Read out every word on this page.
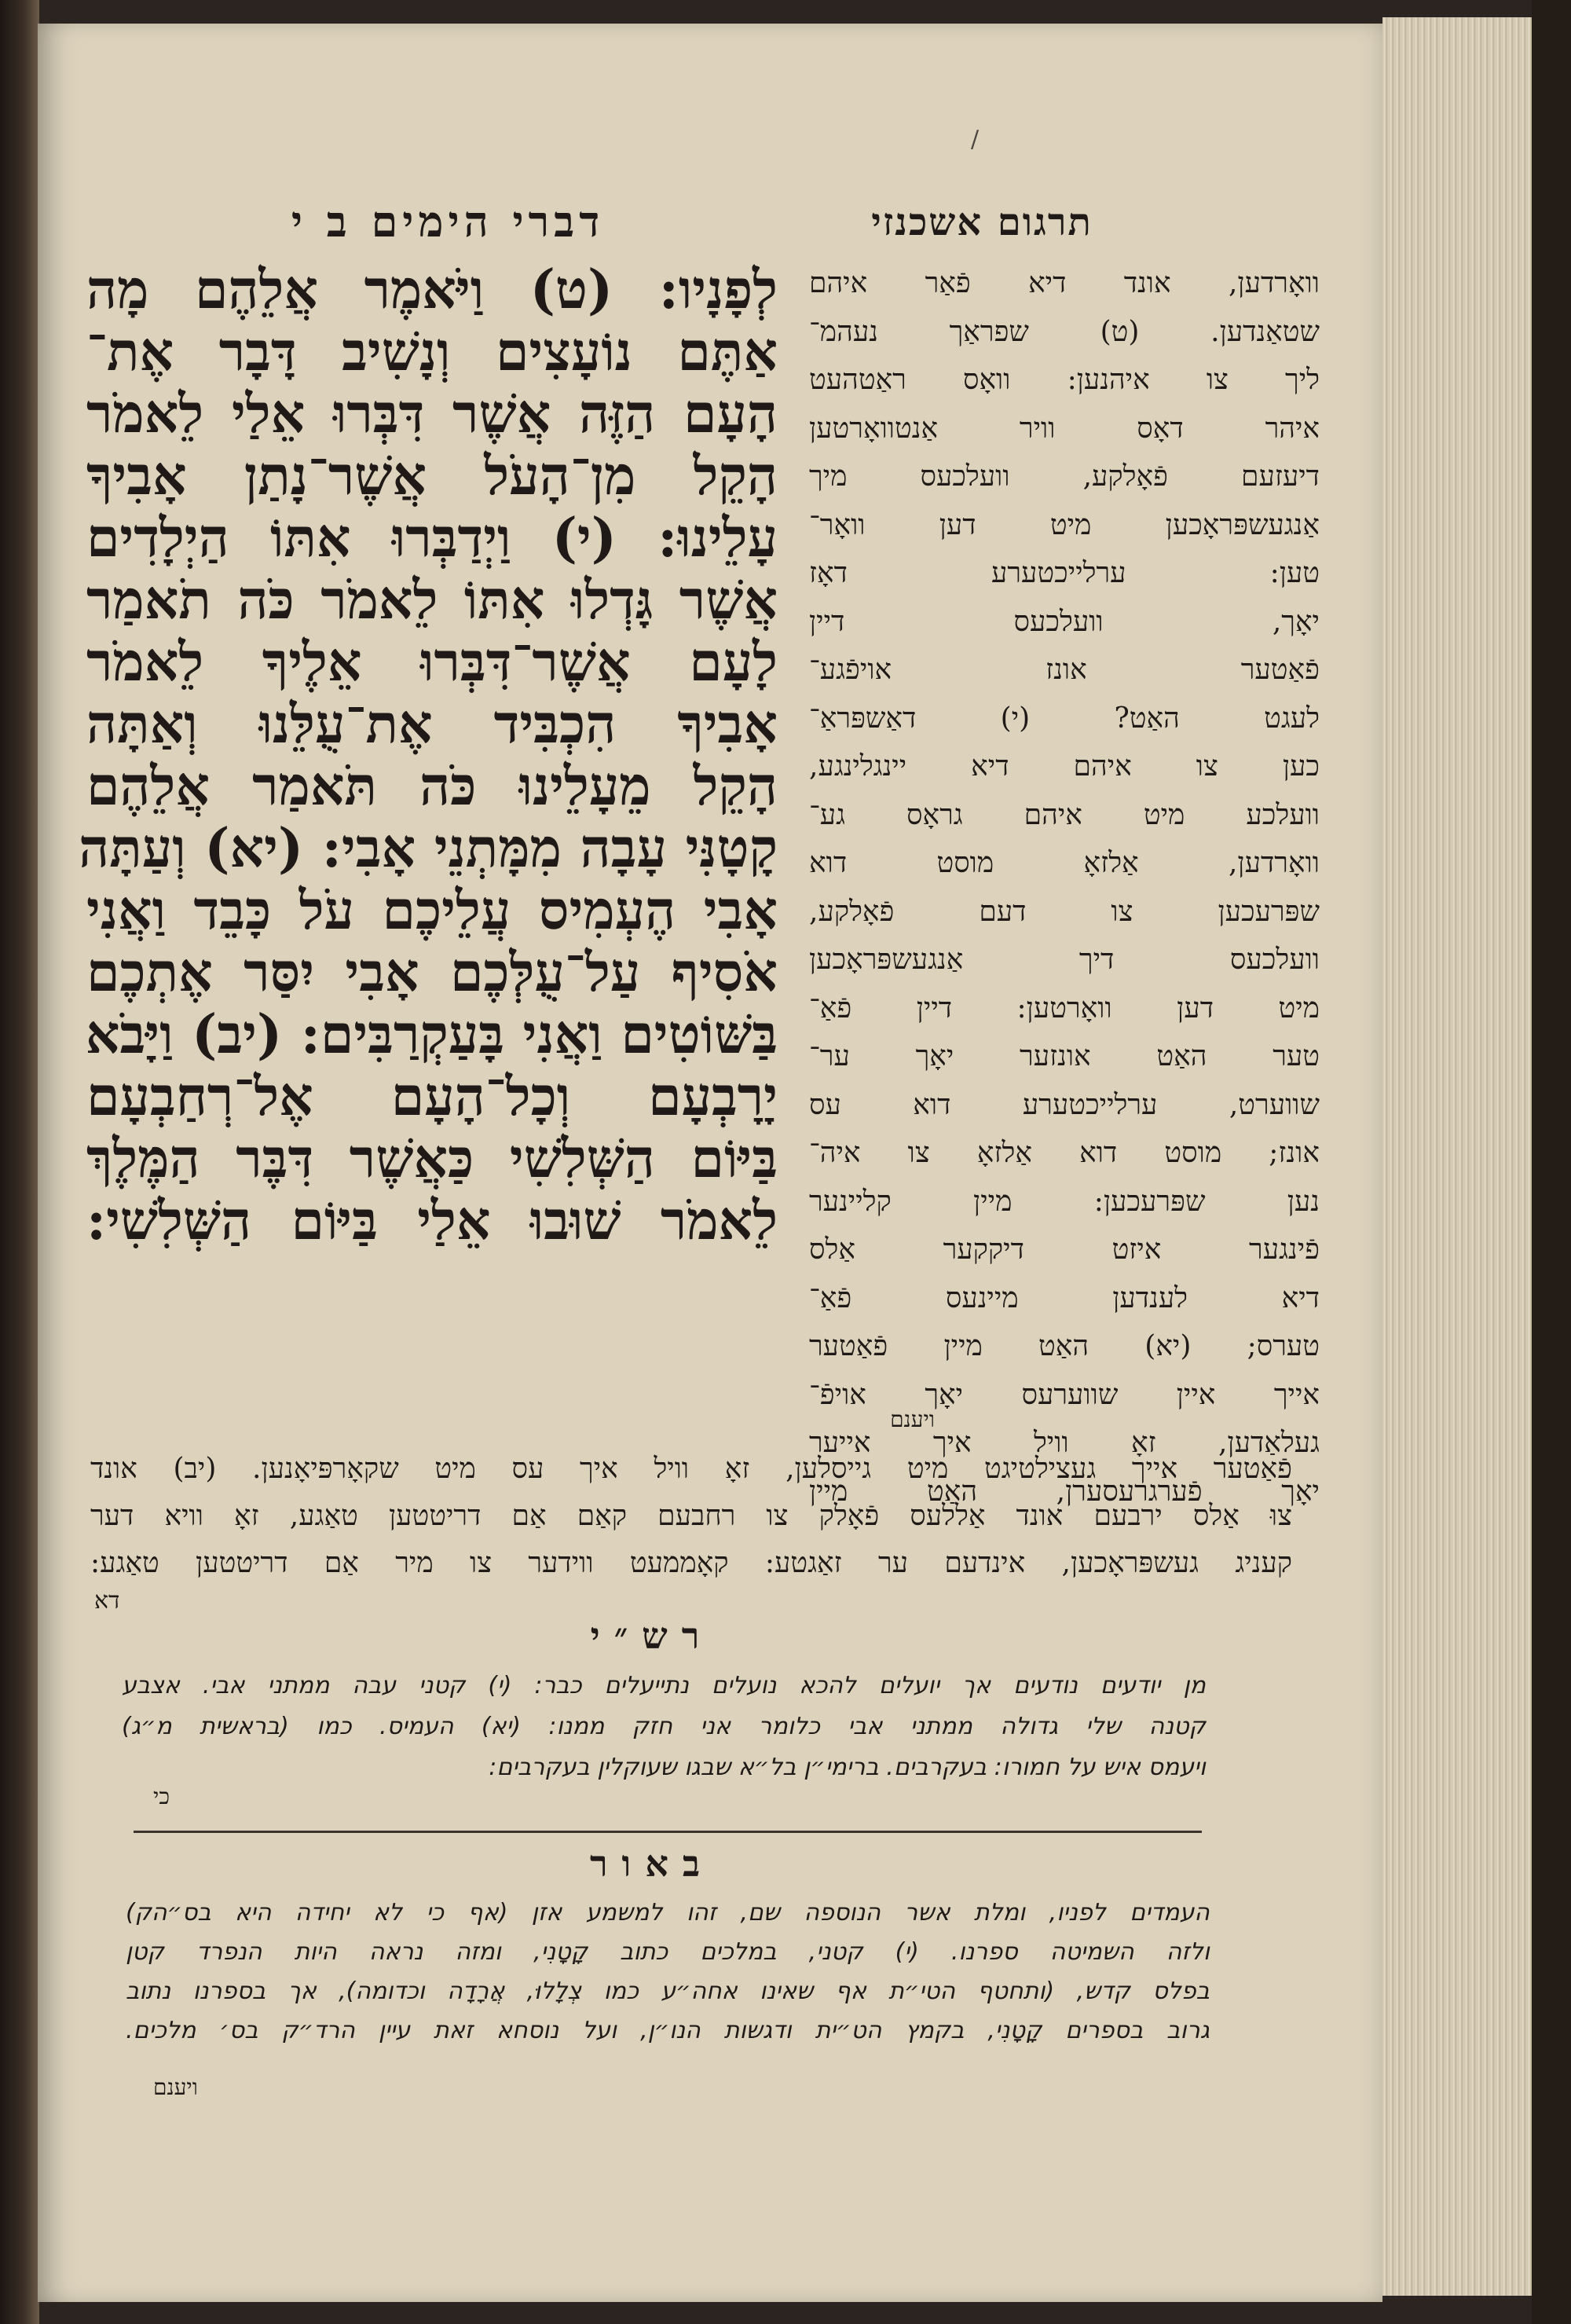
/
דברי הימים ב י	תרגום אשכנזי
לְפָנָיו: (ט) וַיֹּאמֶר אֲלֵהֶם מָה
אַתֶּם נוֹעָצִים וְנָשִׁיב דָּבָר אֶת־
הָעָם הַזֶּה אֲשֶׁר דִּבְּרוּ אֵלַי לֵאמֹר
הָקֵל מִן־הָעֹל אֲשֶׁר־נָתַן אָבִיךָ
עָלֵינוּ: (י) וַיְדַבְּרוּ אִתּוֹ הַיְלָדִים
אֲשֶׁר גָּדְלוּ אִתּוֹ לֵאמֹר כֹּה תֹאמַר
לָעָם אֲשֶׁר־דִּבְּרוּ אֵלֶיךָ לֵאמֹר
אָבִיךָ הִכְבִּיד אֶת־עֻלֵּנוּ וְאַתָּה
הָקֵל מֵעָלֵינוּ כֹּה תֹּאמַר אֲלֵהֶם
קָטָנִּי עָבָה מִמָּתְנֵי אָבִי: (יא) וְעַתָּה
אָבִי הֶעְמִיס עֲלֵיכֶם עֹל כָּבֵד וַאֲנִי
אֹסִיף עַל־עֻלְּכֶם אָבִי יִסַּר אֶתְכֶם
בַּשּׁוֹטִים וַאֲנִי בָּעַקְרַבִּים: (יב) וַיָּבֹא
יָרָבְעָם וְכָל־הָעָם אֶל־רְחַבְעָם
בַּיּוֹם הַשְּׁלִשִׁי כַּאֲשֶׁר דִּבֶּר הַמֶּלֶךְ
לֵאמֹר שׁוּבוּ אֵלַי בַּיּוֹם הַשְּׁלִשִׁי:
וואָרדען, אונד דיא פֿאַר איהם
שטאַנדען. (ט) שפראַך נעהמ־
ליך צו איהנען: וואָס ראַטהעט
איהר דאָס וויר אַנטוואָרטען
דיעזעם פֿאָלקע, וועלכעס מיך
אַנגעשפּראָכען מיט דען וואָר־
טען: ערלייכטערע דאָז
יאָך, וועלכעס דיין
פֿאַטער אונז אויפֿגע־
לעגט האַט? (י) דאַשפּראַ־
כען צו איהם דיא יינגלינגע,
וועלכע מיט איהם גראָס גע־
וואָרדען, אַלזאָ מוסט דוא
שפּרעכען צו דעם פֿאָלקע,
וועלכעס דיך אַנגעשפּראָכען
מיט דען וואָרטען: דיין פֿאַ־
טער האַט אונזער יאָך ער־
שווערט, ערלייכטערע דוא עס
אונז; מוסט דוא אַלזאָ צו איה־
נען שפּרעכען: מיין קליינער
פֿינגער איזט דיקקער אַלס
דיא לענדען מיינעס פֿאַ־
טערס; (יא) האַט מיין פֿאַטער
אייך איין שווערעס יאָך אויפֿ־
געלאַדען, זאָ וויל איך אייער
יאָך פֿערגרעסערן, האַט מיין
ויענם
פֿאַטער אייך געצילטיגט מיט גייסלען, זאָ וויל איך עס מיט שקאָרפּיאָנען. (יב) אונד
צוּ אַלס ירבעם אונד אַללעס פֿאָלק צו רחבעם קאַם אַם דריטטען טאַגע, זאָ וויא דער
קעניג געשפּראָכען, אינדעם ער זאַגטע: קאָממעט ווידער צו מיר אַם דריטטען טאַגע:
דא
רש״י
מן יודעים נודעים אך יועלים להכא נועלים נתייעלים כבר: (י) קטני עבה ממתני אבי. אצבע
קטנה שלי גדולה ממתני אבי כלומר אני חזק ממנו: (יא) העמיס. כמו (בראשית מ״ג)
ויעמס איש על חמורו: בעקרבים. ברימי״ן בל״א שבגו שעוקלין בעקרבים:
כי
באור
העמדים לפניו, ומלת אשר הנוספה שם, זהו למשמע אזן (אף כי לא יחידה היא בס״הק)
ולזה השמיטה ספרנו. (י) קטני, במלכים כתוב קָטָנִי, ומזה נראה היות הנפרד קטן
בפלס קדש, (ותחטף הטי״ת אף שאינו אחה״ע כמו צְלָלוּ, אֲרָדָה וכדומה), אך בספרנו נתוב
גרוב בספרים קָטָנִי, בקמץ הט״ית ודגשות הנו״ן, ועל נוסחא זאת עיין הרד״ק בס׳ מלכים.
ויענם
